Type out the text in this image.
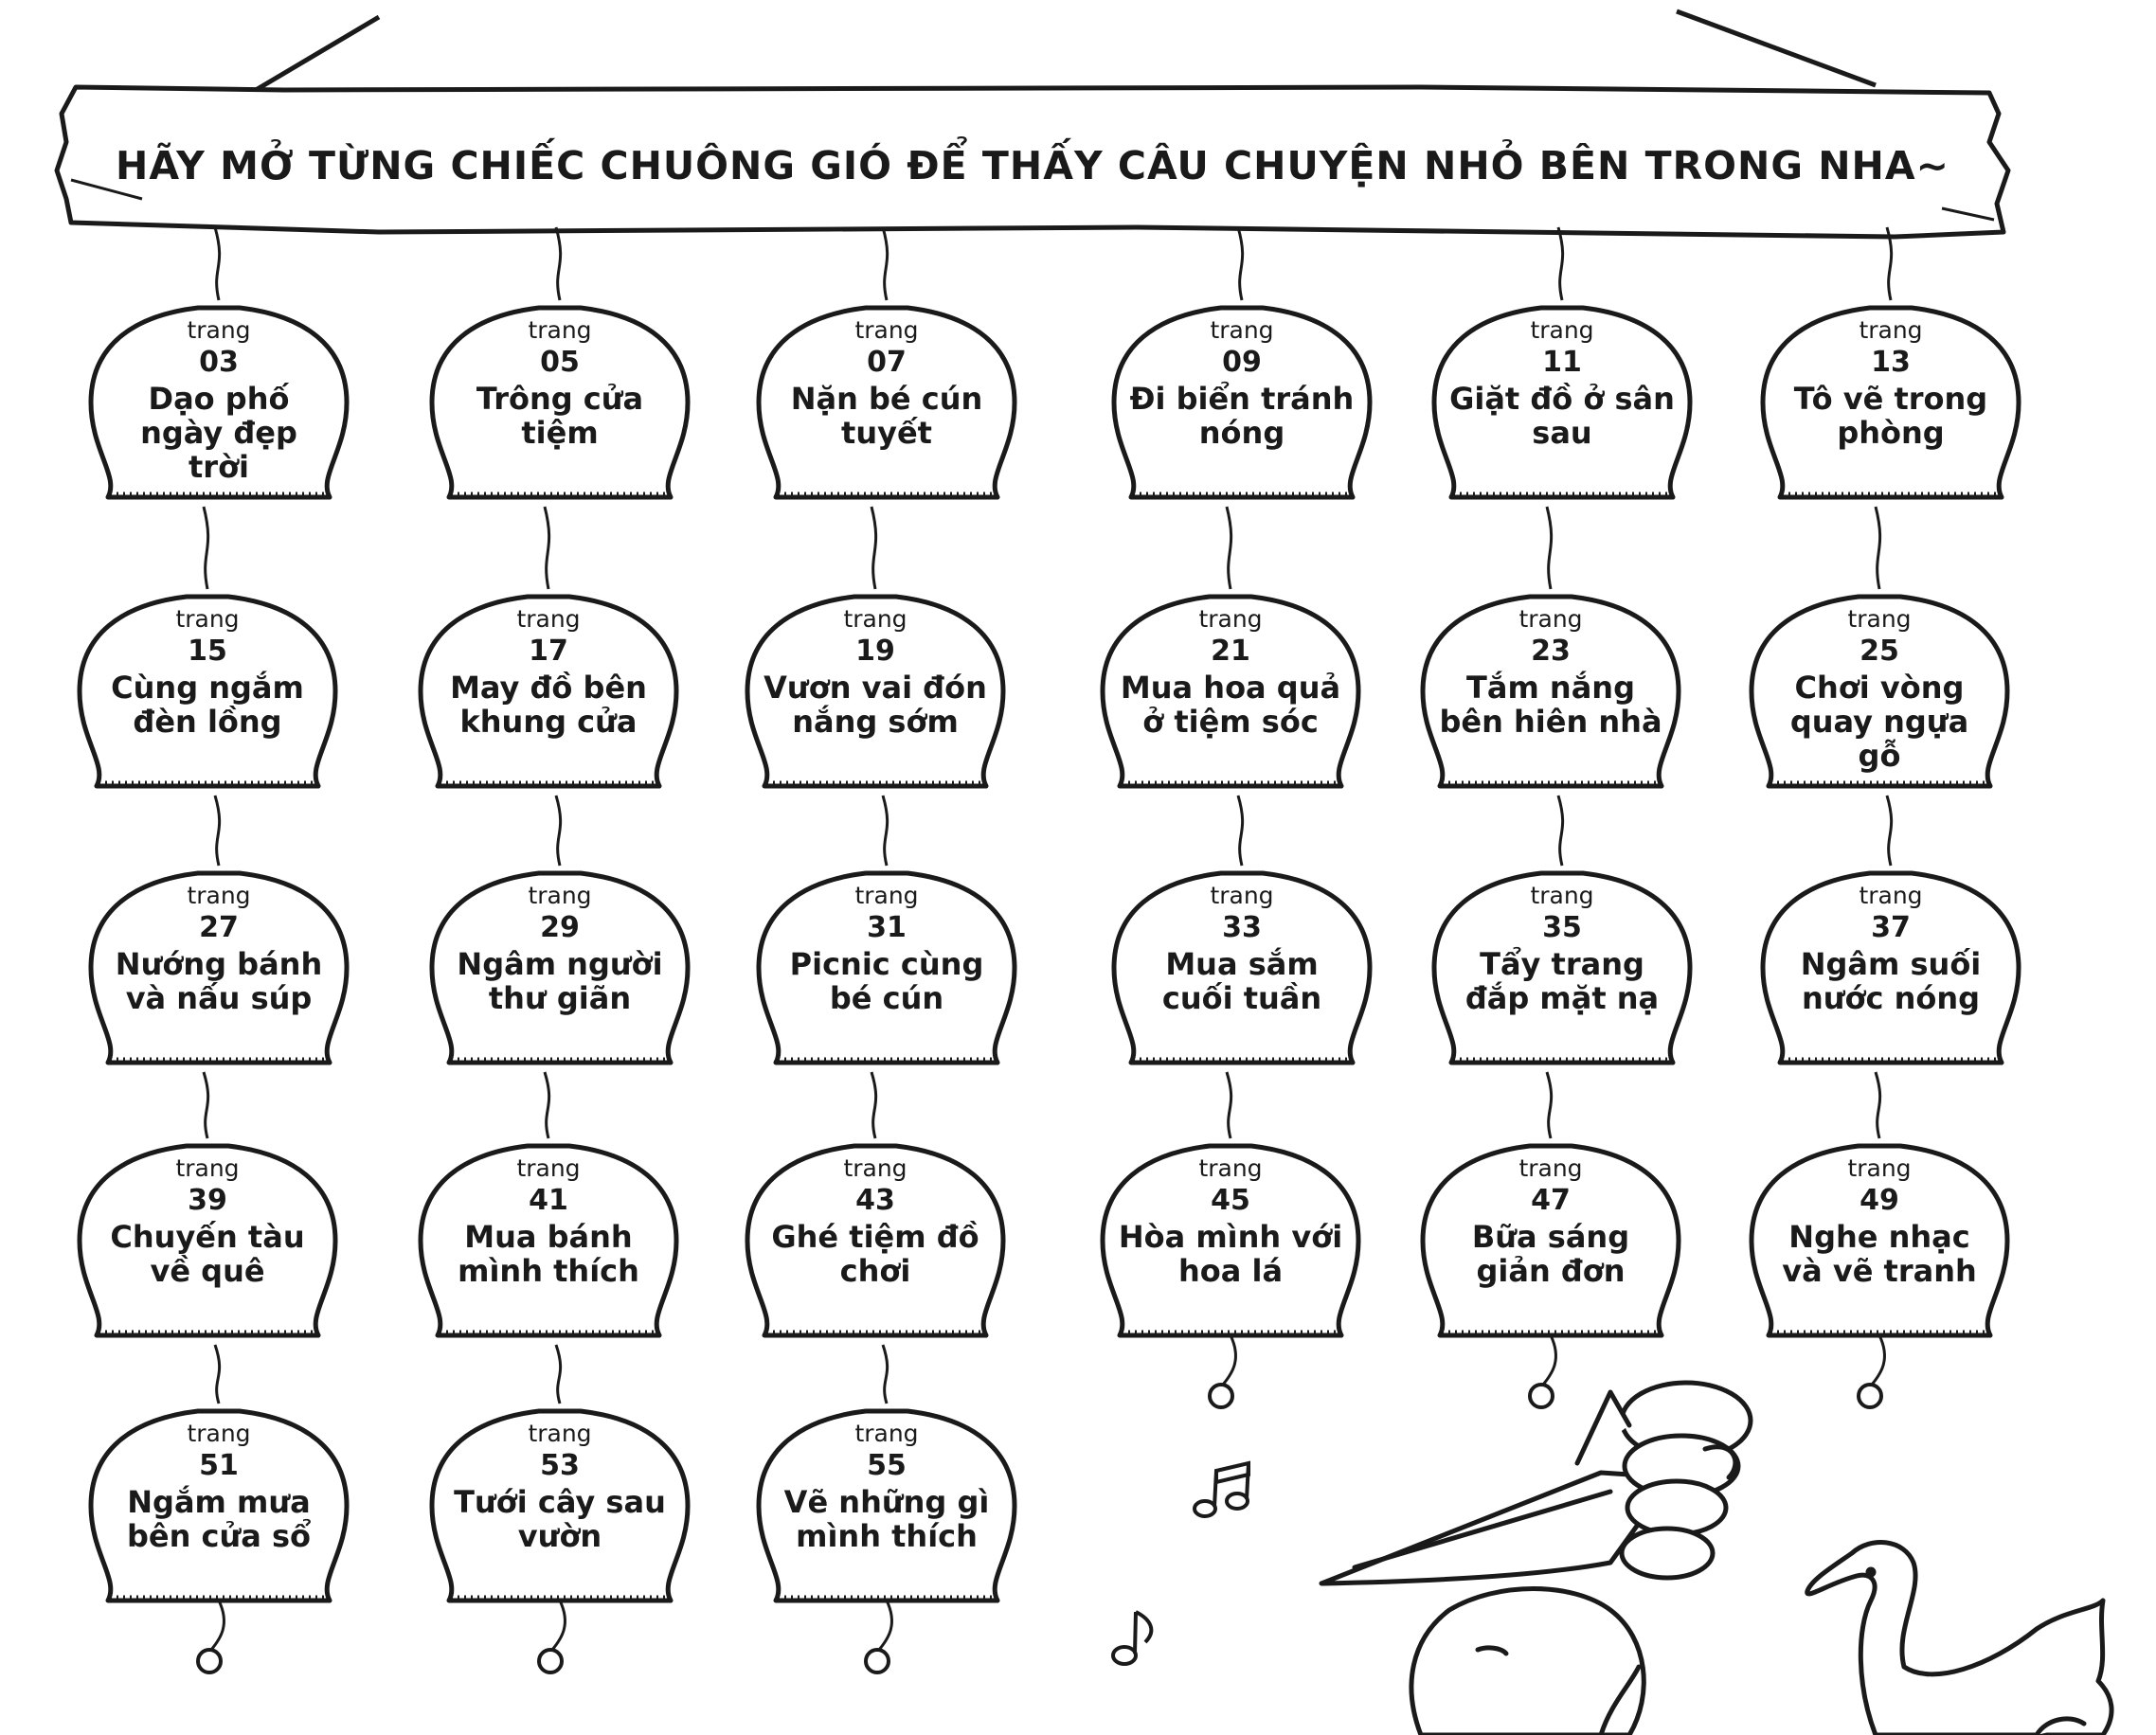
HÃY MỞ TỪNG CHIẾC CHUÔNG GIÓ ĐỂ THẤY CÂU CHUYỆN NHỎ BÊN TRONG NHA~
trang
03
Dạo phố ngày đẹp trời
trang
05
Trông cửa tiệm
trang
07
Nặn bé cún tuyết
trang
09
Đi biển tránh nóng
trang
11
Giặt đồ ở sân sau
trang
13
Tô vẽ trong phòng
trang
15
Cùng ngắm đèn lồng
trang
17
May đồ bên khung cửa
trang
19
Vươn vai đón nắng sớm
trang
21
Mua hoa quả ở tiệm sóc
trang
23
Tắm nắng bên hiên nhà
trang
25
Chơi vòng quay ngựa gỗ
trang
27
Nướng bánh và nấu súp
trang
29
Ngâm người thư giãn
trang
31
Picnic cùng bé cún
trang
33
Mua sắm cuối tuần
trang
35
Tẩy trang đắp mặt nạ
trang
37
Ngâm suối nước nóng
trang
39
Chuyến tàu về quê
trang
41
Mua bánh mình thích
trang
43
Ghé tiệm đồ chơi
trang
45
Hòa mình với hoa lá
trang
47
Bữa sáng giản đơn
trang
49
Nghe nhạc và vẽ tranh
trang
51
Ngắm mưa bên cửa sổ
trang
53
Tưới cây sau vườn
trang
55
Vẽ những gì mình thích
